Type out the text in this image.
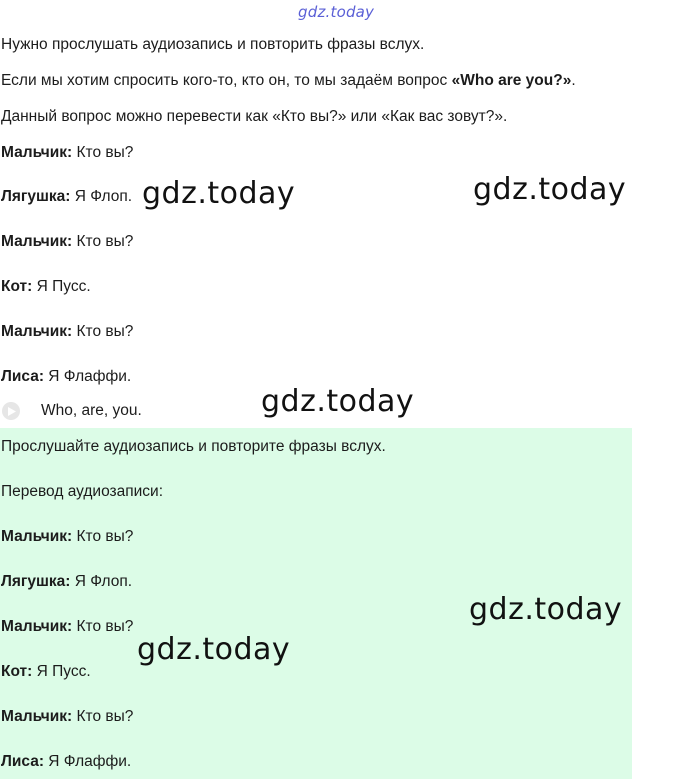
gdz.today
Нужно прослушать аудиозапись и повторить фразы вслух.
Если мы хотим спросить кого-то, кто он, то мы задаём вопрос «Who are you?».
Данный вопрос можно перевести как «Кто вы?» или «Как вас зовут?».
Мальчик: Кто вы?
Лягушка: Я Флоп.
Мальчик: Кто вы?
Кот: Я Пусс.
Мальчик: Кто вы?
Лиса: Я Флаффи.
Who, are, you.
Прослушайте аудиозапись и повторите фразы вслух.
Перевод аудиозаписи:
Мальчик: Кто вы?
Лягушка: Я Флоп.
Мальчик: Кто вы?
Кот: Я Пусс.
Мальчик: Кто вы?
Лиса: Я Флаффи.
gdz.today	gdz.today
gdz.today
gdz.today
gdz.today
